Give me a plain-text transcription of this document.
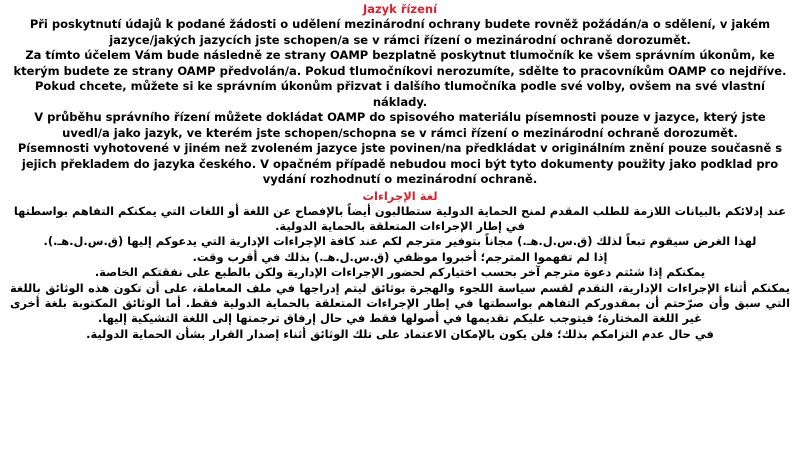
Jazyk řízení

Při poskytnutí údajů k podané žádosti o udělení mezinárodní ochrany budete rovněž požádán/a o sdělení, v jakém jazyce/jakých jazycích jste schopen/a se v rámci řízení o mezinárodní ochraně dorozumět.

Za tímto účelem Vám bude následně ze strany OAMP bezplatně poskytnut tlumočník ke všem správním úkonům, ke kterým budete ze strany OAMP předvolán/a. Pokud tlumočníkovi nerozumíte, sdělte to pracovníkům OAMP co nejdříve.

Pokud chcete, můžete si ke správním úkonům přizvat i dalšího tlumočníka podle své volby, ovšem na své vlastní náklady.

V průběhu správního řízení můžete dokládat OAMP do spisového materiálu písemnosti pouze v jazyce, který jste uvedl/a jako jazyk, ve kterém jste schopen/schopna se v rámci řízení o mezinárodní ochraně dorozumět.

Písemnosti vyhotovené v jiném než zvoleném jazyce jste povinen/na předkládat v originálním znění pouze současně s jejich překladem do jazyka českého. V opačném případě nebudou moci být tyto dokumenty použity jako podklad pro vydání rozhodnutí o mezinárodní ochraně.

لغة الإجراءات

عند إدلائكم بالبيانات اللازمة للطلب المقدم لمنح الحماية الدولية ستطالبون أيضاً بالإفصاح عن اللغة أو اللغات التي يمكنكم التفاهم بواسطتها في إطار الإجراءات المتعلقة بالحماية الدولية.

لهذا الغرض سيقوم تبعاً لذلك (ق.س.ل.هـ.) مجاناً بتوفير مترجم لكم عند كافة الإجراءات الإدارية التي يدعوكم إليها (ق.س.ل.هـ.).

إذا لم تفهموا المترجم؛ أخبروا موظفي (ق.س.ل.هـ.) بذلك في أقرب وقت.

يمكنكم إذا شئتم دعوة مترجم آخر بحسب اختياركم لحضور الإجراءات الإدارية ولكن بالطبع على نفقتكم الخاصة.

يمكنكم أثناء الإجراءات الإدارية، التقدم لقسم سياسة اللجوء والهجرة بوثائق ليتم إدراجها في ملف المعاملة، على أن تكون هذه الوثائق باللغة التي سبق وأن صرّحتم أن بمقدوركم التفاهم بواسطتها في إطار الإجراءات المتعلقة بالحماية الدولية فقط. أما الوثائق المكتوبة بلغة أخرى غير اللغة المختارة؛ فيتوجب عليكم تقديمها في أصولها فقط في حال إرفاق ترجمتها إلى اللغة التشيكية إليها.

في حال عدم التزامكم بذلك؛ فلن يكون بالإمكان الاعتماد على تلك الوثائق أثناء إصدار القرار بشأن الحماية الدولية.
